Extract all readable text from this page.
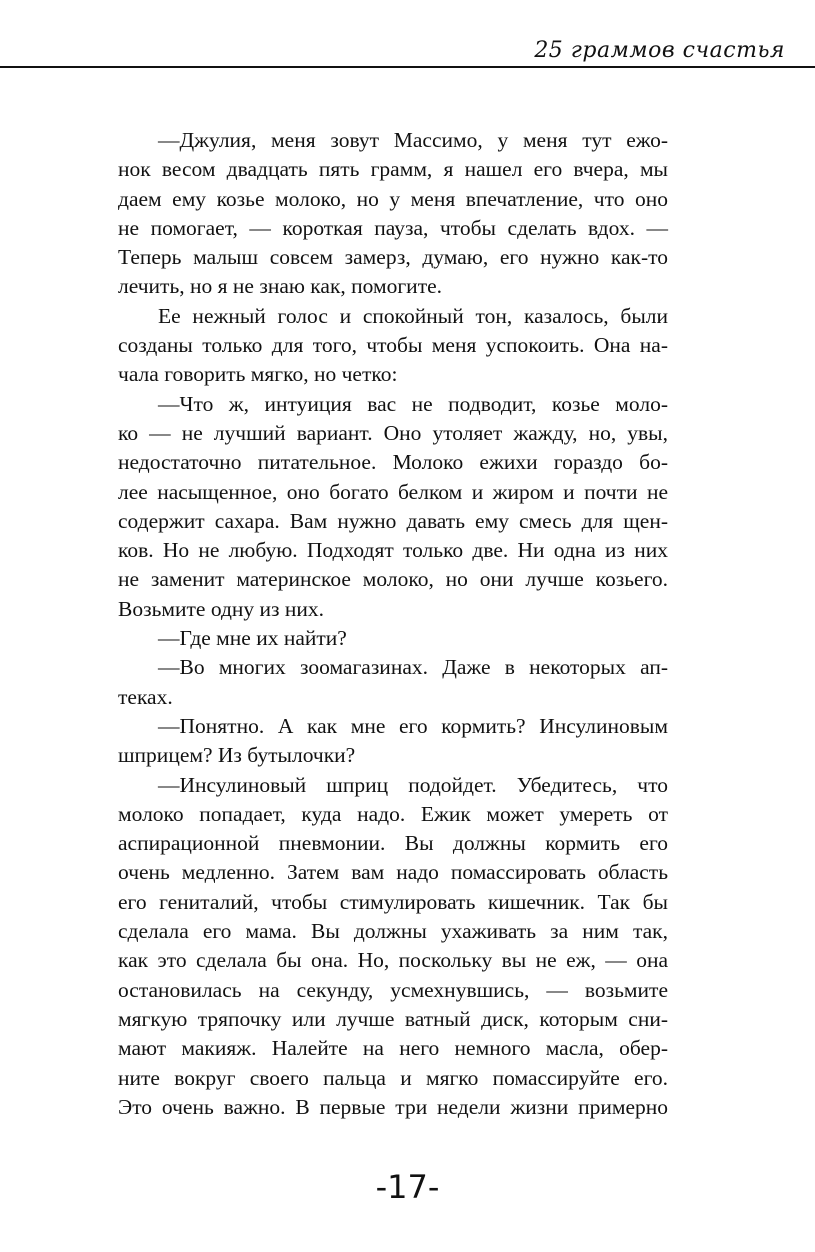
25 граммов счастья
—Джулия, меня зовут Массимо, у меня тут ежо-
нок весом двадцать пять грамм, я нашел его вчера, мы
даем ему козье молоко, но у меня впечатление, что оно
не помогает, — короткая пауза, чтобы сделать вдох. —
Теперь малыш совсем замерз, думаю, его нужно как-то
лечить, но я не знаю как, помогите.
Ее нежный голос и спокойный тон, казалось, были
созданы только для того, чтобы меня успокоить. Она на-
чала говорить мягко, но четко:
—Что ж, интуиция вас не подводит, козье моло-
ко — не лучший вариант. Оно утоляет жажду, но, увы,
недостаточно питательное. Молоко ежихи гораздо бо-
лее насыщенное, оно богато белком и жиром и почти не
содержит сахара. Вам нужно давать ему смесь для щен-
ков. Но не любую. Подходят только две. Ни одна из них
не заменит материнское молоко, но они лучше козьего.
Возьмите одну из них.
—Где мне их найти?
—Во многих зоомагазинах. Даже в некоторых ап-
теках.
—Понятно. А как мне его кормить? Инсулиновым
шприцем? Из бутылочки?
—Инсулиновый шприц подойдет. Убедитесь, что
молоко попадает, куда надо. Ежик может умереть от
аспирационной пневмонии. Вы должны кормить его
очень медленно. Затем вам надо помассировать область
его гениталий, чтобы стимулировать кишечник. Так бы
сделала его мама. Вы должны ухаживать за ним так,
как это сделала бы она. Но, поскольку вы не еж, — она
остановилась на секунду, усмехнувшись, — возьмите
мягкую тряпочку или лучше ватный диск, которым сни-
мают макияж. Налейте на него немного масла, обер-
ните вокруг своего пальца и мягко помассируйте его.
Это очень важно. В первые три недели жизни примерно
-17-
